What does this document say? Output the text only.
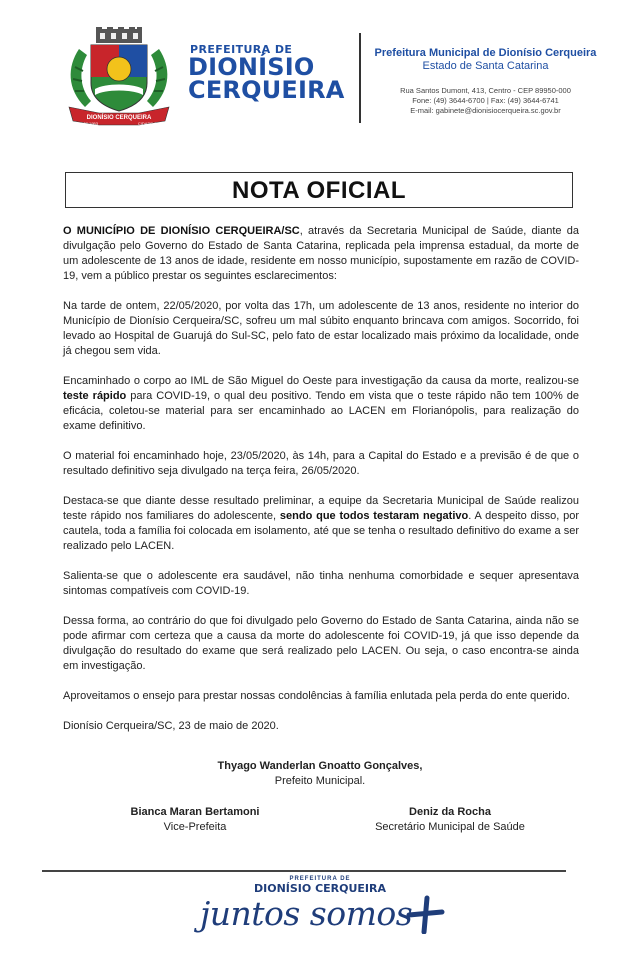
DIONÍSIO CERQUEIRA
VILA 24-07-1953	CIDADE 1-11-1959
PREFEITURA DE
DIONÍSIO
CERQUEIRA
Prefeitura Municipal de Dionísio Cerqueira
Estado de Santa Catarina
Rua Santos Dumont, 413, Centro - CEP 89950-000
Fone: (49) 3644-6700 | Fax: (49) 3644-6741
E-mail: gabinete@dionisiocerqueira.sc.gov.br
NOTA OFICIAL

O MUNICÍPIO DE DIONÍSIO CERQUEIRA/SC, através da Secretaria Municipal de Saúde, diante da divulgação pelo Governo do Estado de Santa Catarina, replicada pela imprensa estadual, da morte de um adolescente de 13 anos de idade, residente em nosso município, supostamente em razão de COVID-19, vem a público prestar os seguintes esclarecimentos:

Na tarde de ontem, 22/05/2020, por volta das 17h, um adolescente de 13 anos, residente no interior do Município de Dionísio Cerqueira/SC, sofreu um mal súbito enquanto brincava com amigos. Socorrido, foi levado ao Hospital de Guarujá do Sul-SC, pelo fato de estar localizado mais próximo da localidade, onde já chegou sem vida.

Encaminhado o corpo ao IML de São Miguel do Oeste para investigação da causa da morte, realizou-se teste rápido para COVID-19, o qual deu positivo. Tendo em vista que o teste rápido não tem 100% de eficácia, coletou-se material para ser encaminhado ao LACEN em Florianópolis, para realização do exame definitivo.

O material foi encaminhado hoje, 23/05/2020, às 14h, para a Capital do Estado e a previsão é de que o resultado definitivo seja divulgado na terça feira, 26/05/2020.

Destaca-se que diante desse resultado preliminar, a equipe da Secretaria Municipal de Saúde realizou teste rápido nos familiares do adolescente, sendo que todos testaram negativo. A despeito disso, por cautela, toda a família foi colocada em isolamento, até que se tenha o resultado definitivo do exame a ser realizado pelo LACEN.

Salienta-se que o adolescente era saudável, não tinha nenhuma comorbidade e sequer apresentava sintomas compatíveis com COVID-19.

Dessa forma, ao contrário do que foi divulgado pelo Governo do Estado de Santa Catarina, ainda não se pode afirmar com certeza que a causa da morte do adolescente foi COVID-19, já que isso depende da divulgação do resultado do exame que será realizado pelo LACEN. Ou seja, o caso encontra-se ainda em investigação.

Aproveitamos o ensejo para prestar nossas condolências à família enlutada pela perda do ente querido.

Dionísio Cerqueira/SC, 23 de maio de 2020.

Thyago Wanderlan Gnoatto Gonçalves,
Prefeito Municipal.
Bianca Maran Bertamoni
Vice-Prefeita
Deniz da Rocha
Secretário Municipal de Saúde
PREFEITURA DE
DIONÍSIO CERQUEIRA
juntos somos
